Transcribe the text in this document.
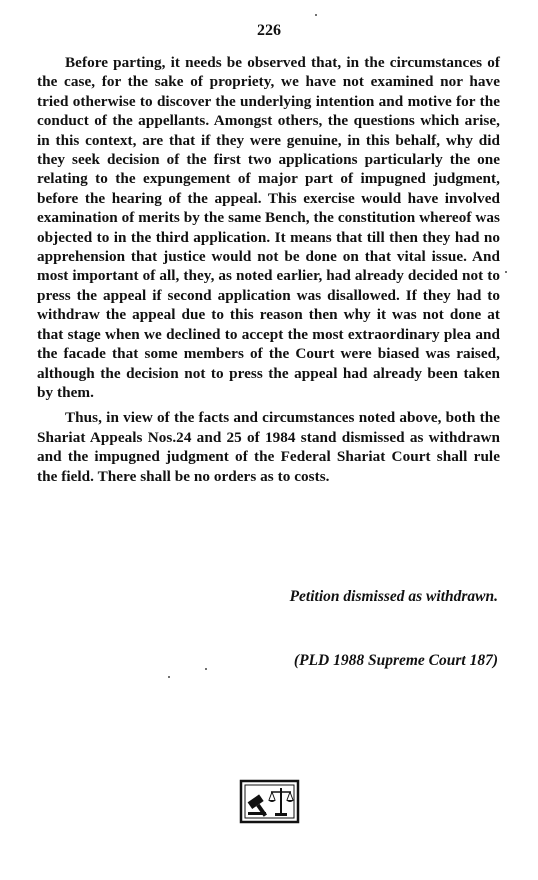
226

Before parting, it needs be observed that, in the circumstances of the case, for the sake of propriety, we have not examined nor have tried otherwise to discover the underlying intention and motive for the conduct of the appellants. Amongst others, the questions which arise, in this context, are that if they were genuine, in this behalf, why did they seek decision of the first two applications particularly the one relating to the expungement of major part of impugned judgment, before the hearing of the appeal. This exercise would have involved examination of merits by the same Bench, the constitution whereof was objected to in the third application. It means that till then they had no apprehension that justice would not be done on that vital issue. And most important of all, they, as noted earlier, had already decided not to press the appeal if second application was disallowed. If they had to withdraw the appeal due to this reason then why it was not done at that stage when we declined to accept the most extraordinary plea and the facade that some members of the Court were biased was raised, although the decision not to press the appeal had already been taken by them.

Thus, in view of the facts and circumstances noted above, both the Shariat Appeals Nos.24 and 25 of 1984 stand dismissed as withdrawn and the impugned judgment of the Federal Shariat Court shall rule the field. There shall be no orders as to costs.

Petition dismissed as withdrawn.
(PLD 1988 Supreme Court 187)
